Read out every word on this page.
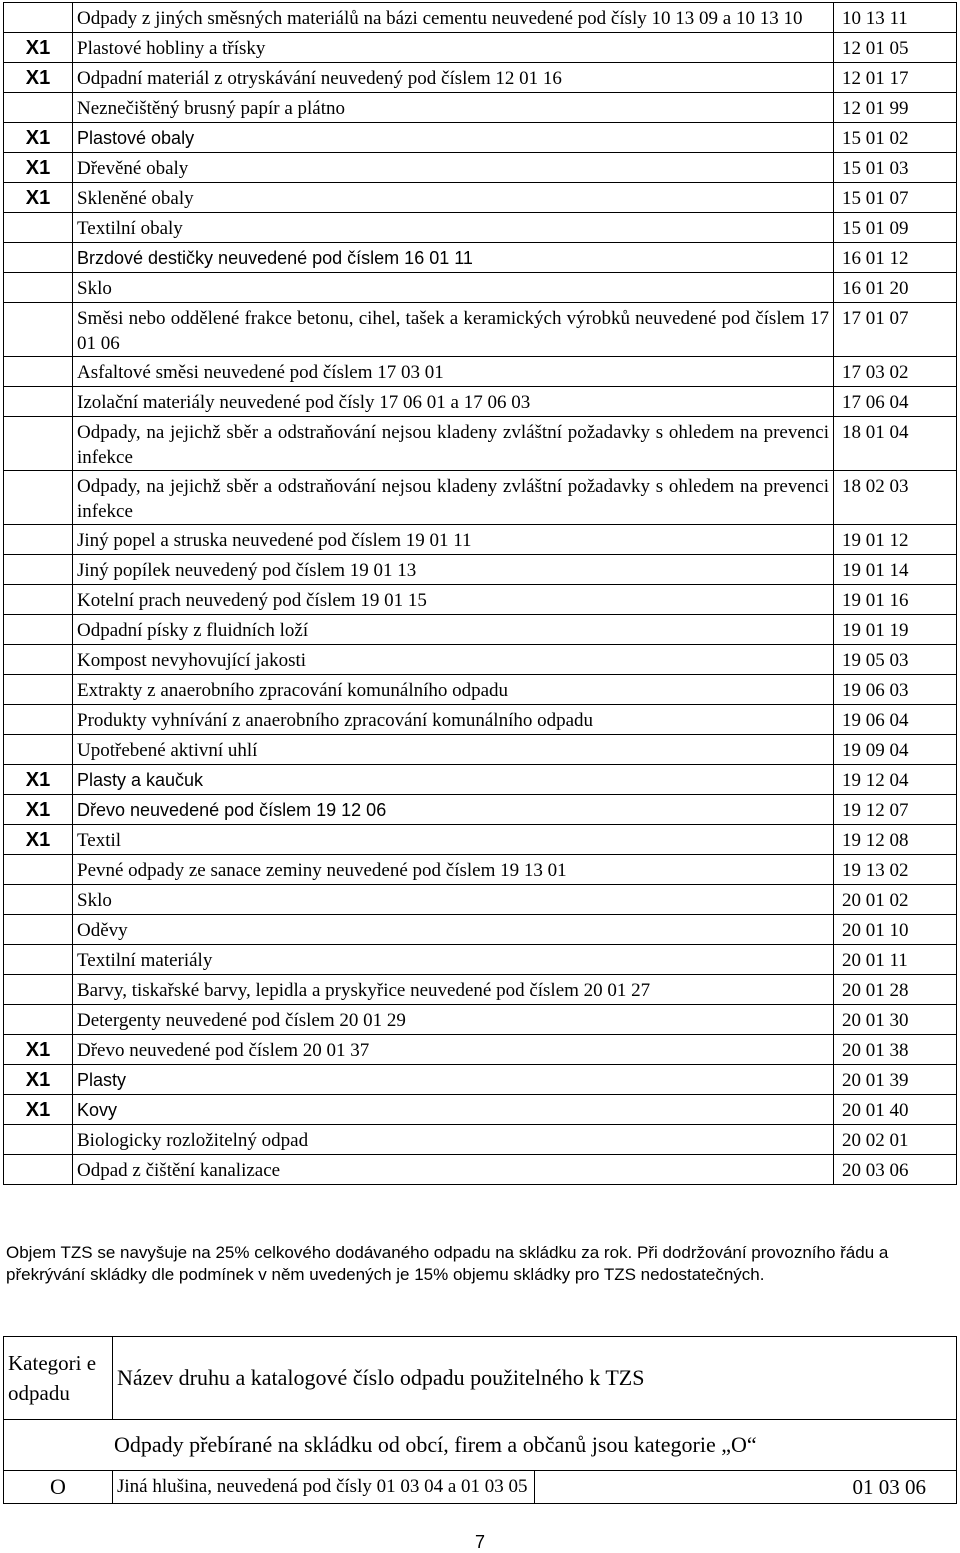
	Odpady z jiných směsných materiálů na bázi cementu neuvedené pod čísly 10 13 09 a 10 13 10	10 13 11
X1	Plastové hobliny a třísky	12 01 05
X1	Odpadní materiál z otryskávání neuvedený pod číslem 12 01 16	12 01 17
	Neznečištěný brusný papír a plátno	12 01 99
X1	Plastové obaly	15 01 02
X1	Dřevěné obaly	15 01 03
X1	Skleněné obaly	15 01 07
	Textilní obaly	15 01 09
	Brzdové destičky neuvedené pod číslem 16 01 11	16 01 12
	Sklo	16 01 20
	Směsi nebo oddělené frakce betonu, cihel, tašek a keramických výrobků neuvedené pod číslem 17 01 06	17 01 07
	Asfaltové směsi neuvedené pod číslem 17 03 01	17 03 02
	Izolační materiály neuvedené pod čísly 17 06 01 a 17 06 03	17 06 04
	Odpady, na jejichž sběr a odstraňování nejsou kladeny zvláštní požadavky s ohledem na prevenci infekce	18 01 04
	Odpady, na jejichž sběr a odstraňování nejsou kladeny zvláštní požadavky s ohledem na prevenci infekce	18 02 03
	Jiný popel a struska neuvedené pod číslem 19 01 11	19 01 12
	Jiný popílek neuvedený pod číslem 19 01 13	19 01 14
	Kotelní prach neuvedený pod číslem 19 01 15	19 01 16
	Odpadní písky z fluidních loží	19 01 19
	Kompost nevyhovující jakosti	19 05 03
	Extrakty z anaerobního zpracování komunálního odpadu	19 06 03
	Produkty vyhnívání z anaerobního zpracování komunálního odpadu	19 06 04
	Upotřebené aktivní uhlí	19 09 04
X1	Plasty a kaučuk	19 12 04
X1	Dřevo neuvedené pod číslem 19 12 06	19 12 07
X1	Textil	19 12 08
	Pevné odpady ze sanace zeminy neuvedené pod číslem 19 13 01	19 13 02
	Sklo	20 01 02
	Oděvy	20 01 10
	Textilní materiály	20 01 11
	Barvy, tiskařské barvy, lepidla a pryskyřice neuvedené pod číslem 20 01 27	20 01 28
	Detergenty neuvedené pod číslem 20 01 29	20 01 30
X1	Dřevo neuvedené pod číslem 20 01 37	20 01 38
X1	Plasty	20 01 39
X1	Kovy	20 01 40
	Biologicky rozložitelný odpad	20 02 01
	Odpad z čištění kanalizace	20 03 06
Objem TZS se navyšuje na 25% celkového dodávaného odpadu na skládku za rok. Při dodržování provozního řádu a překrývání skládky dle podmínek v něm uvedených je 15% objemu skládky pro TZS nedostatečných.
Kategori e odpadu	Název druhu a katalogové číslo odpadu použitelného k TZS	
Odpady přebírané na skládku od obcí, firem a občanů jsou kategorie „O“		
O	Jiná hlušina, neuvedená pod čísly 01 03 04 a 01 03 05	01 03 06
7
